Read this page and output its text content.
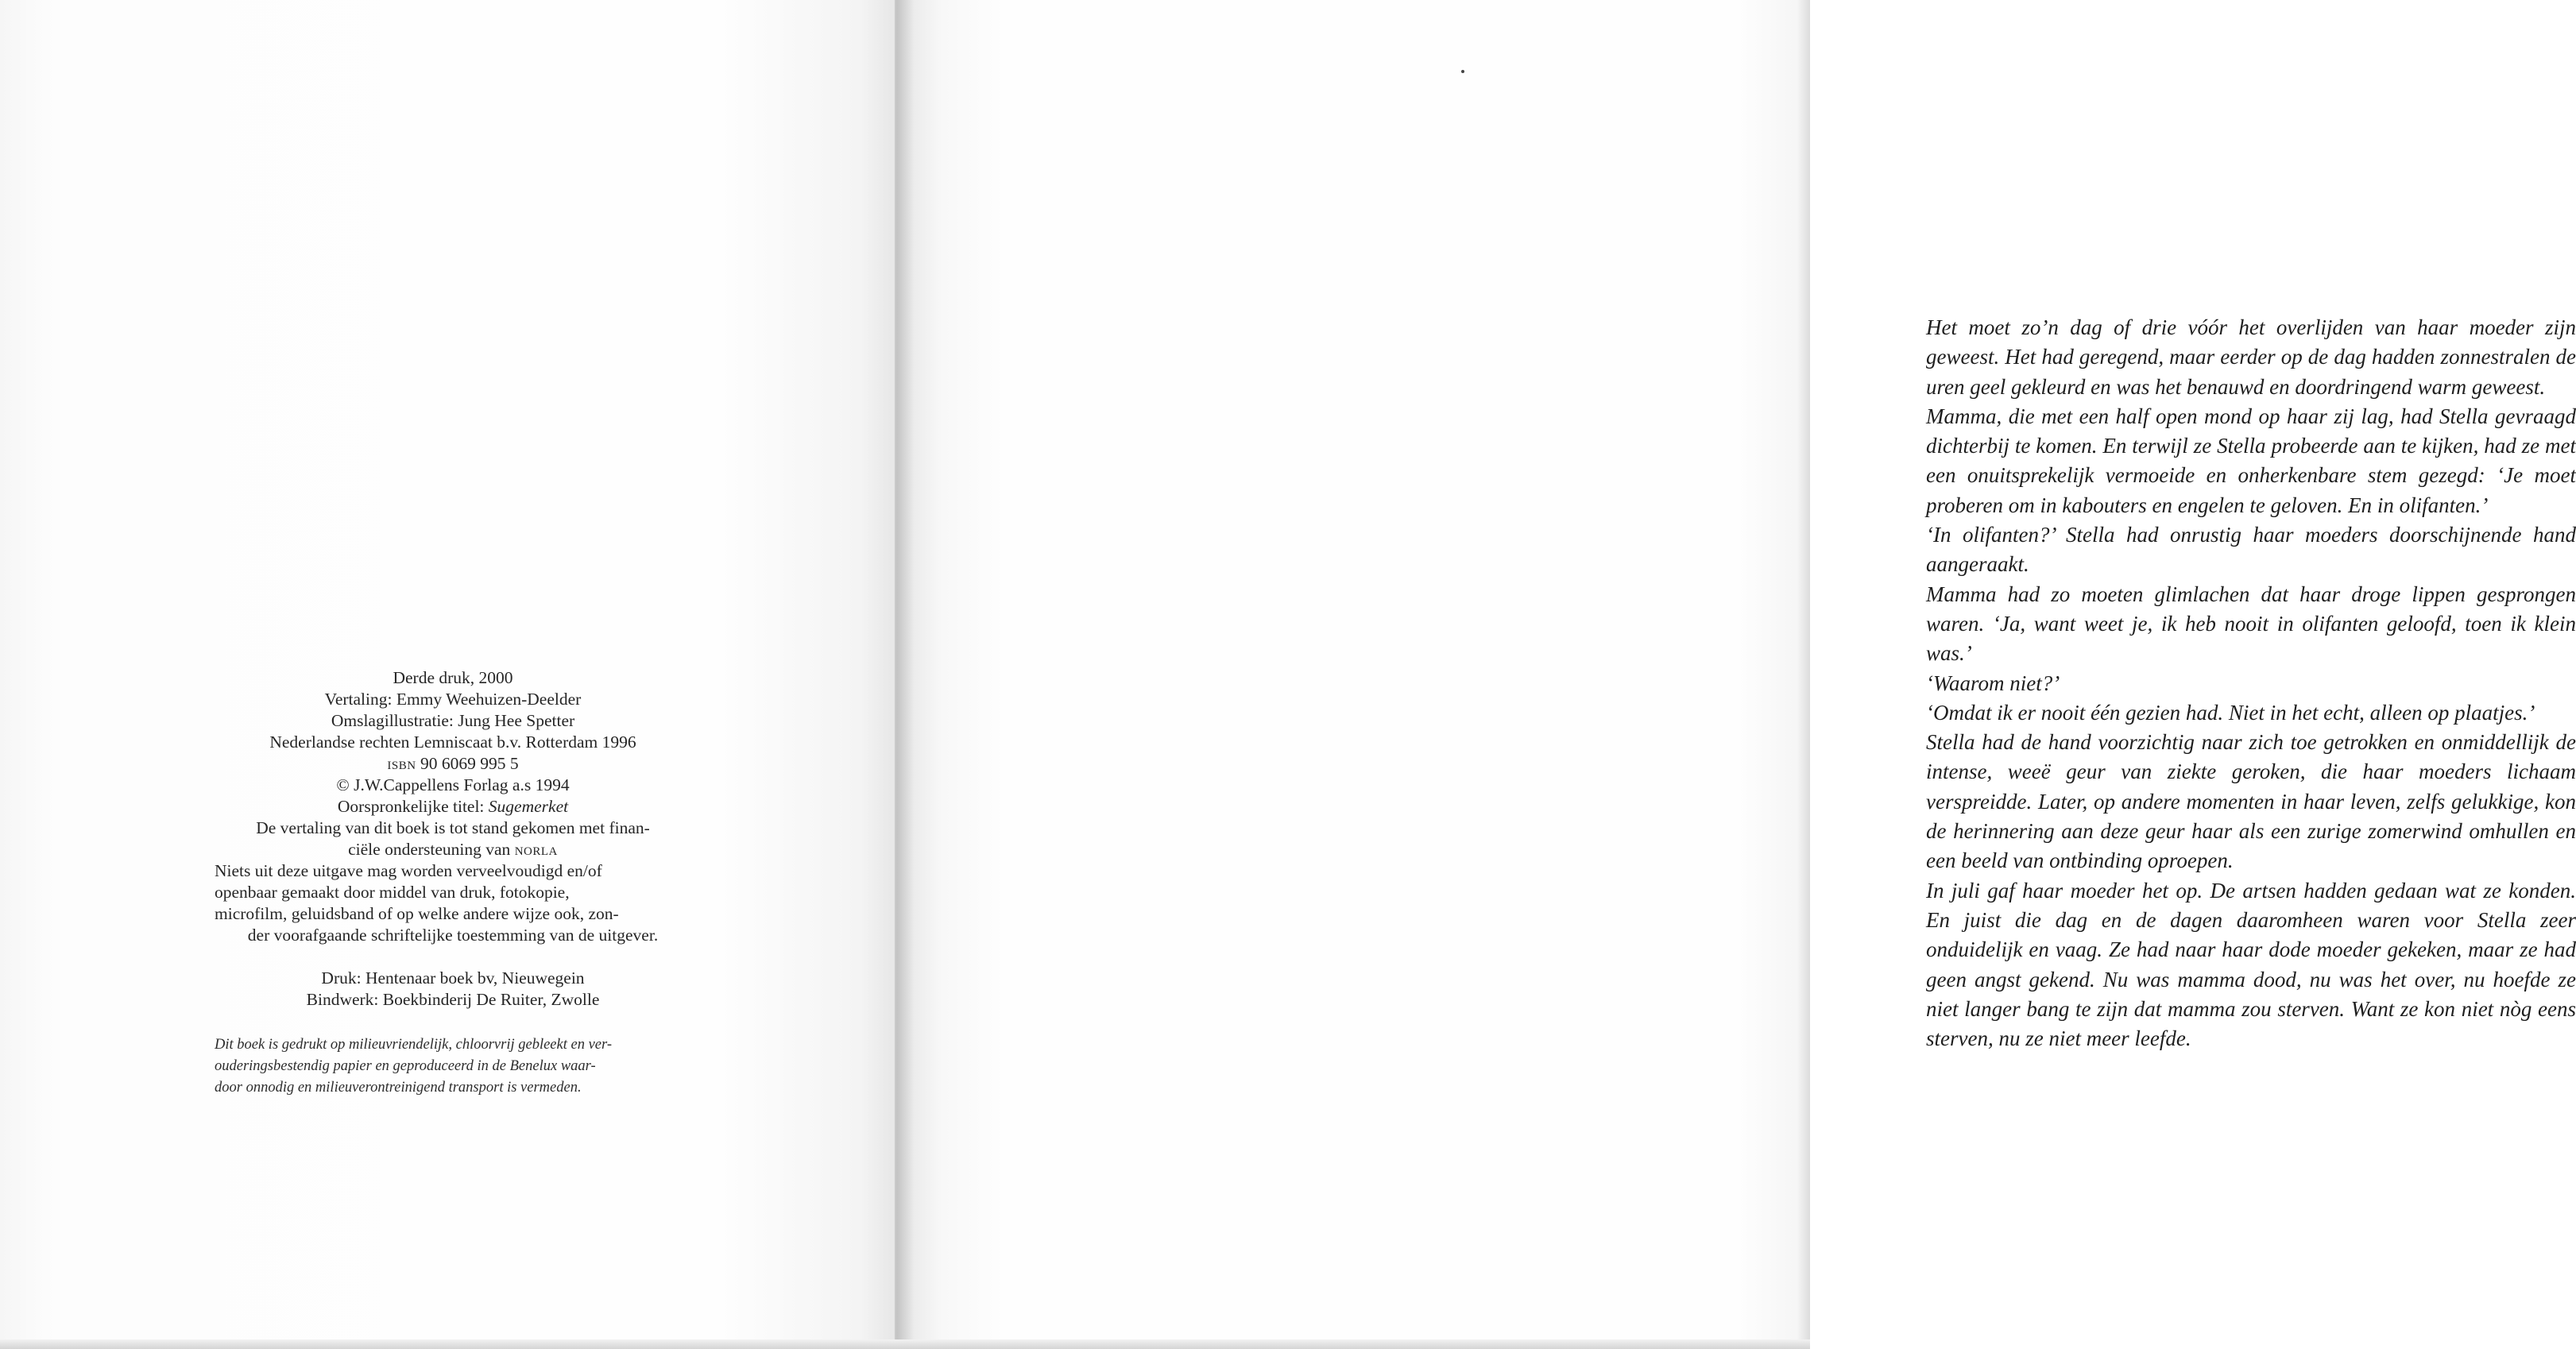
Derde druk, 2000
Vertaling: Emmy Weehuizen-Deelder
Omslagillustratie: Jung Hee Spetter
Nederlandse rechten Lemniscaat b.v. Rotterdam 1996
isbn 90 6069 995 5
© J.W.Cappellens Forlag a.s 1994
Oorspronkelijke titel: Sugemerket
De vertaling van dit boek is tot stand gekomen met finan-
ciële ondersteuning van norla
Niets uit deze uitgave mag worden verveelvoudigd en/of
openbaar gemaakt door middel van druk, fotokopie,
microfilm, geluidsband of op welke andere wijze ook, zon-
der voorafgaande schriftelijke toestemming van de uitgever.
Druk: Hentenaar boek bv, Nieuwegein
Bindwerk: Boekbinderij De Ruiter, Zwolle
Dit boek is gedrukt op milieuvriendelijk, chloorvrij gebleekt en ver-
ouderingsbestendig papier en geproduceerd in de Benelux waar-
door onnodig en milieuverontreinigend transport is vermeden.

Het moet zo’n dag of drie vóór het overlijden van haar moeder zijn geweest. Het had geregend, maar eerder op de dag hadden zonnestralen de uren geel gekleurd en was het benauwd en doordringend warm geweest.

Mamma, die met een half open mond op haar zij lag, had Stella gevraagd dichterbij te komen. En terwijl ze Stella probeerde aan te kijken, had ze met een onuitsprekelijk vermoeide en onherkenbare stem gezegd: ‘Je moet proberen om in kabouters en engelen te geloven. En in olifanten.’

‘In olifanten?’ Stella had onrustig haar moeders doorschijnende hand aangeraakt.

Mamma had zo moeten glimlachen dat haar droge lippen gesprongen waren. ‘Ja, want weet je, ik heb nooit in olifanten geloofd, toen ik klein was.’

‘Waarom niet?’

‘Omdat ik er nooit één gezien had. Niet in het echt, alleen op plaatjes.’

Stella had de hand voorzichtig naar zich toe getrokken en onmiddellijk de intense, weeë geur van ziekte geroken, die haar moeders lichaam verspreidde. Later, op andere momenten in haar leven, zelfs gelukkige, kon de herinnering aan deze geur haar als een zurige zomerwind omhullen en een beeld van ontbinding oproepen.

In juli gaf haar moeder het op. De artsen hadden gedaan wat ze konden. En juist die dag en de dagen daaromheen waren voor Stella zeer onduidelijk en vaag. Ze had naar haar dode moeder gekeken, maar ze had geen angst gekend. Nu was mamma dood, nu was het over, nu hoefde ze niet langer bang te zijn dat mamma zou sterven. Want ze kon niet nòg eens sterven, nu ze niet meer leefde.
